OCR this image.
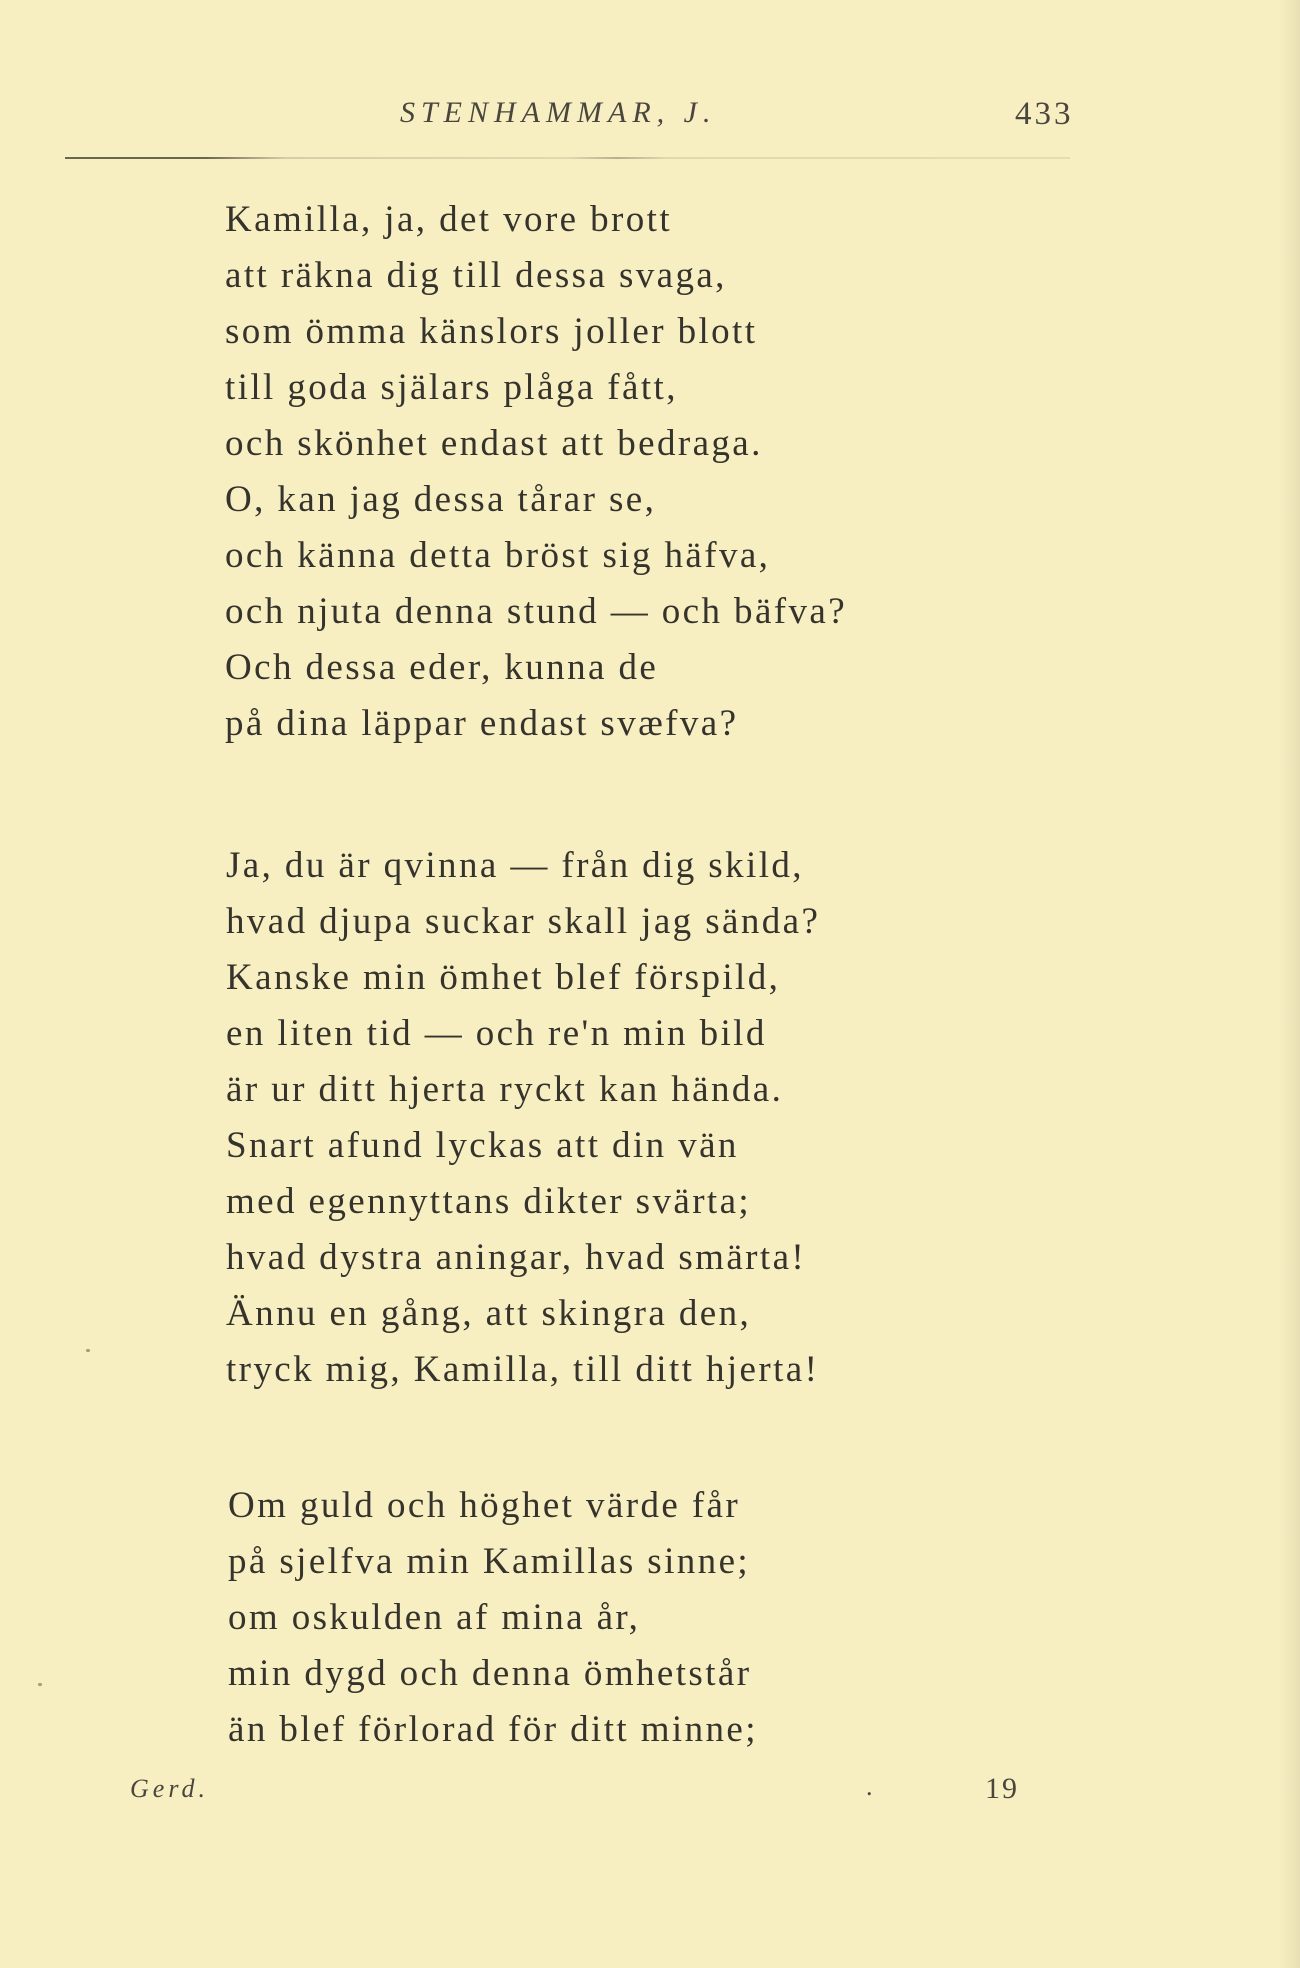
STENHAMMAR, J.	433
Kamilla, ja, det vore brott
att räkna dig till dessa svaga,
som ömma känslors joller blott
till goda själars plåga fått,
och skönhet endast att bedraga.
O, kan jag dessa tårar se,
och känna detta bröst sig häfva,
och njuta denna stund — och bäfva?
Och dessa eder, kunna de
på dina läppar endast svæfva?
Ja, du är qvinna — från dig skild,
hvad djupa suckar skall jag sända?
Kanske min ömhet blef förspild,
en liten tid — och re'n min bild
är ur ditt hjerta ryckt kan hända.
Snart afund lyckas att din vän
med egennyttans dikter svärta;
hvad dystra aningar, hvad smärta!
Ännu en gång, att skingra den,
tryck mig, Kamilla, till ditt hjerta!
Om guld och höghet värde får
på sjelfva min Kamillas sinne;
om oskulden af mina år,
min dygd och denna ömhetstår
än blef förlorad för ditt minne;
Gerd.	.	19
